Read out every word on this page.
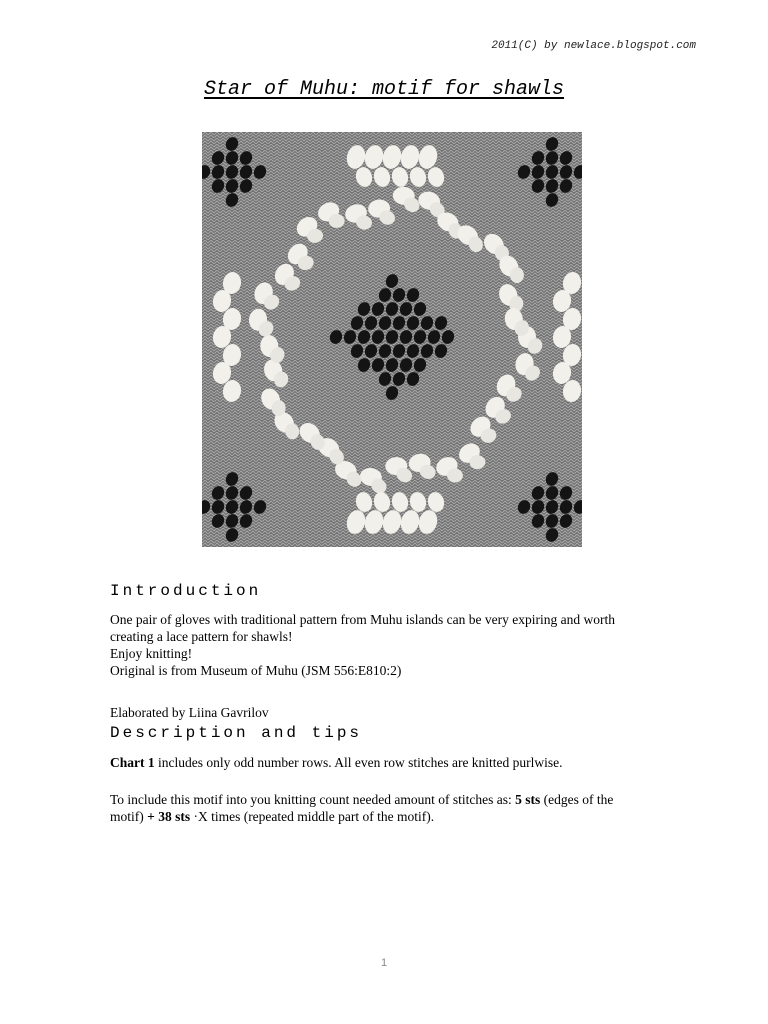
2011(C) by newlace.blogspot.com
Star of Muhu: motif for shawls
Introduction
One pair of gloves with traditional pattern from Muhu islands can be very expiring and worth
creating a lace pattern for shawls!
Enjoy knitting!
Original is from Museum of Muhu (JSM 556:E810:2)
Elaborated by Liina Gavrilov
Description and tips
Chart 1 includes only odd number rows. All even row stitches are knitted purlwise.
To include this motif into you knitting count needed amount of stitches as: 5 sts (edges of the
motif) + 38 sts ·X times (repeated middle part of the motif).
1
